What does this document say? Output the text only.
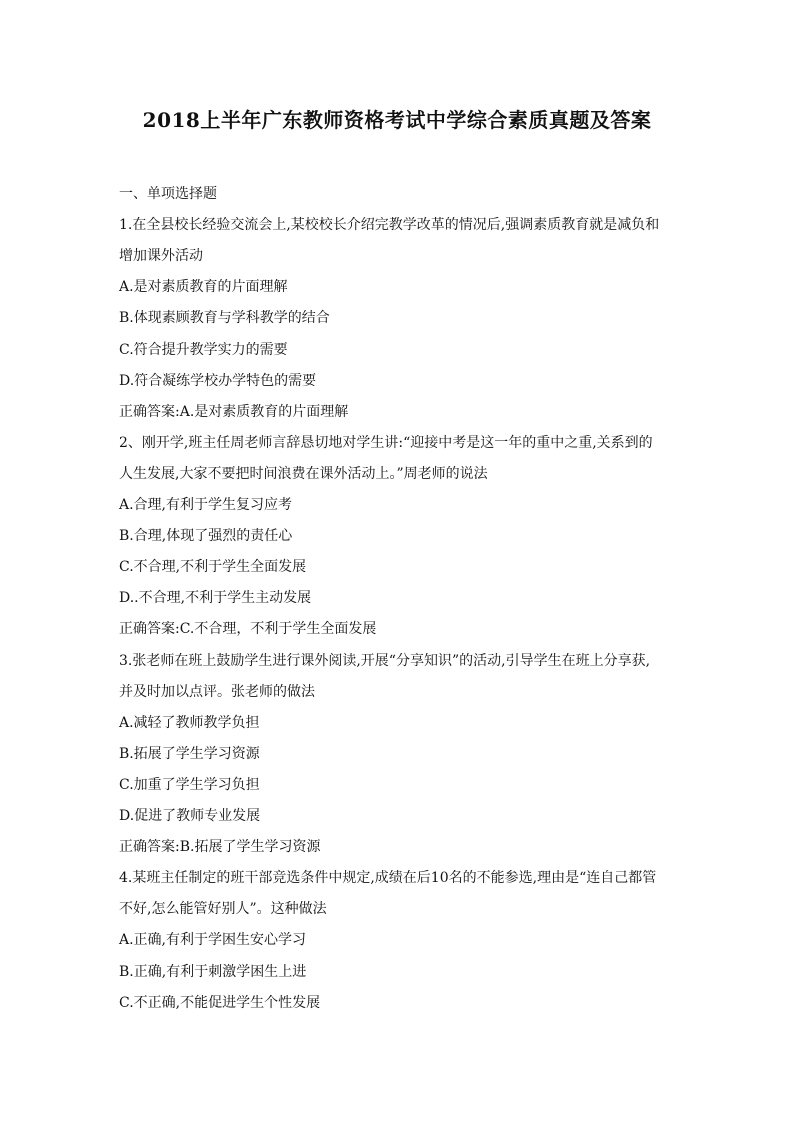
2018上半年广东教师资格考试中学综合素质真题及答案
一、单项选择题
1.在全县校长经验交流会上,某校校长介绍完教学改革的情况后,强调素质教育就是减负和
增加课外活动
A.是对素质教育的片面理解
B.体现素顾教育与学科教学的结合
C.符合提升教学实力的需要
D.符合凝练学校办学特色的需要
正确答案:A.是对素质教育的片面理解
2、刚开学,班主任周老师言辞恳切地对学生讲:“迎接中考是这一年的重中之重,关系到的
人生发展,大家不要把时间浪费在课外活动上。”周老师的说法
A.合理,有利于学生复习应考
B.合理,体现了强烈的责任心
C.不合理,不利于学生全面发展
D..不合理,不利于学生主动发展
正确答案:C.不合理，不利于学生全面发展
3.张老师在班上鼓励学生进行课外阅读,开展“分享知识”的活动,引导学生在班上分享获,
并及时加以点评。张老师的做法
A.减轻了教师教学负担
B.拓展了学生学习资源
C.加重了学生学习负担
D.促进了教师专业发展
正确答案:B.拓展了学生学习资源
4.某班主任制定的班干部竞选条件中规定,成绩在后10名的不能参选,理由是“连自己都管
不好,怎么能管好别人”。这种做法
A.正确,有利于学困生安心学习
B.正确,有利于刺激学困生上进
C.不正确,不能促进学生个性发展
